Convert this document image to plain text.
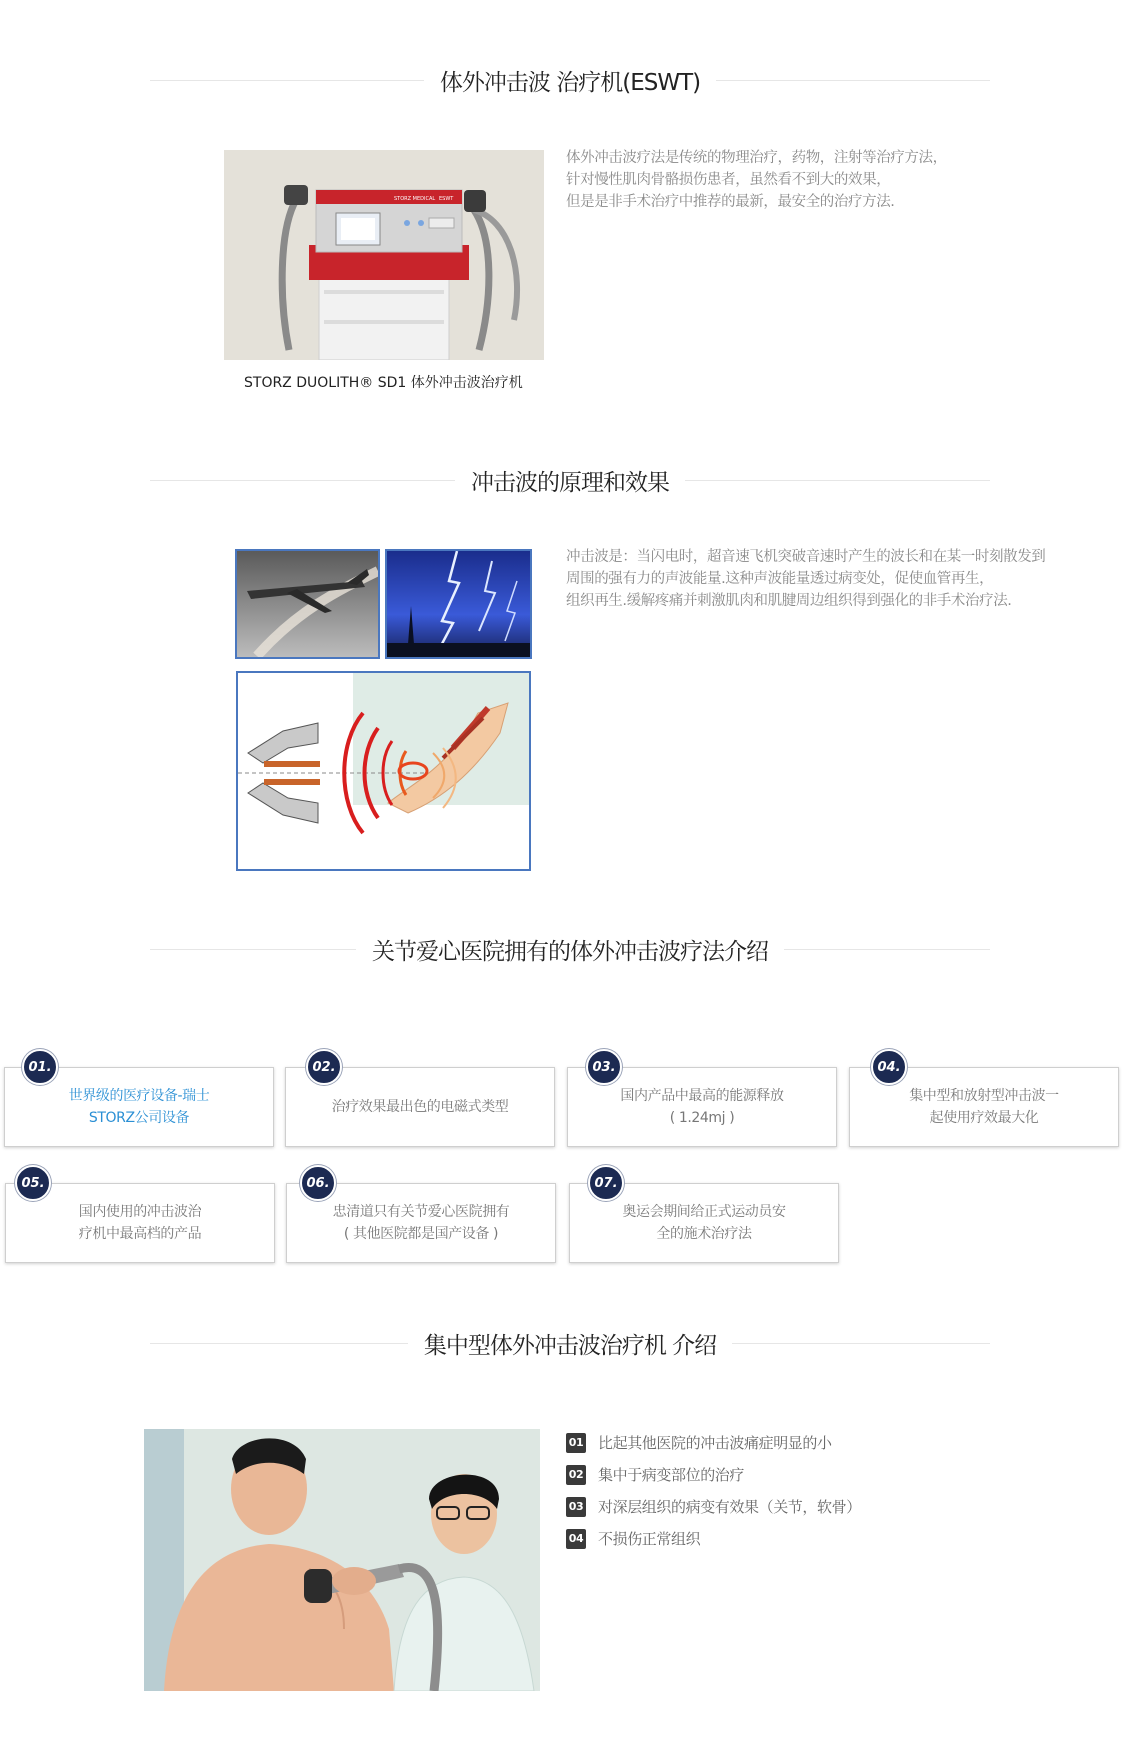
体外冲击波 治疗机(ESWT)
STORZ MEDICAL ESWT
STORZ DUOLITH® SD1 体外冲击波治疗机
体外冲击波疗法是传统的物理治疗，药物，注射等治疗方法，
针对慢性肌肉骨骼损伤患者，虽然看不到大的效果，
但是是非手术治疗中推荐的最新，最安全的治疗方法.
冲击波的原理和效果
冲击波是：当闪电时，超音速飞机突破音速时产生的波长和在某一时刻散发到
周围的强有力的声波能量.这种声波能量透过病变处，促使血管再生，
组织再生.缓解疼痛并刺激肌肉和肌腱周边组织得到强化的非手术治疗法.
关节爱心医院拥有的体外冲击波疗法介绍
世界级的医疗设备-瑞士
STORZ公司设备
01.
治疗效果最出色的电磁式类型
02.
国内产品中最高的能源释放
( 1.24mj )
03.
集中型和放射型冲击波一
起使用疗效最大化
04.
国内使用的冲击波治
疗机中最高档的产品
05.
忠清道只有关节爱心医院拥有
( 其他医院都是国产设备 )
06.
奥运会期间给正式运动员安
全的施术治疗法
07.
集中型体外冲击波治疗机 介绍
01 比起其他医院的冲击波痛症明显的小
02 集中于病变部位的治疗
03 对深层组织的病变有效果（关节，软骨）
04 不损伤正常组织
